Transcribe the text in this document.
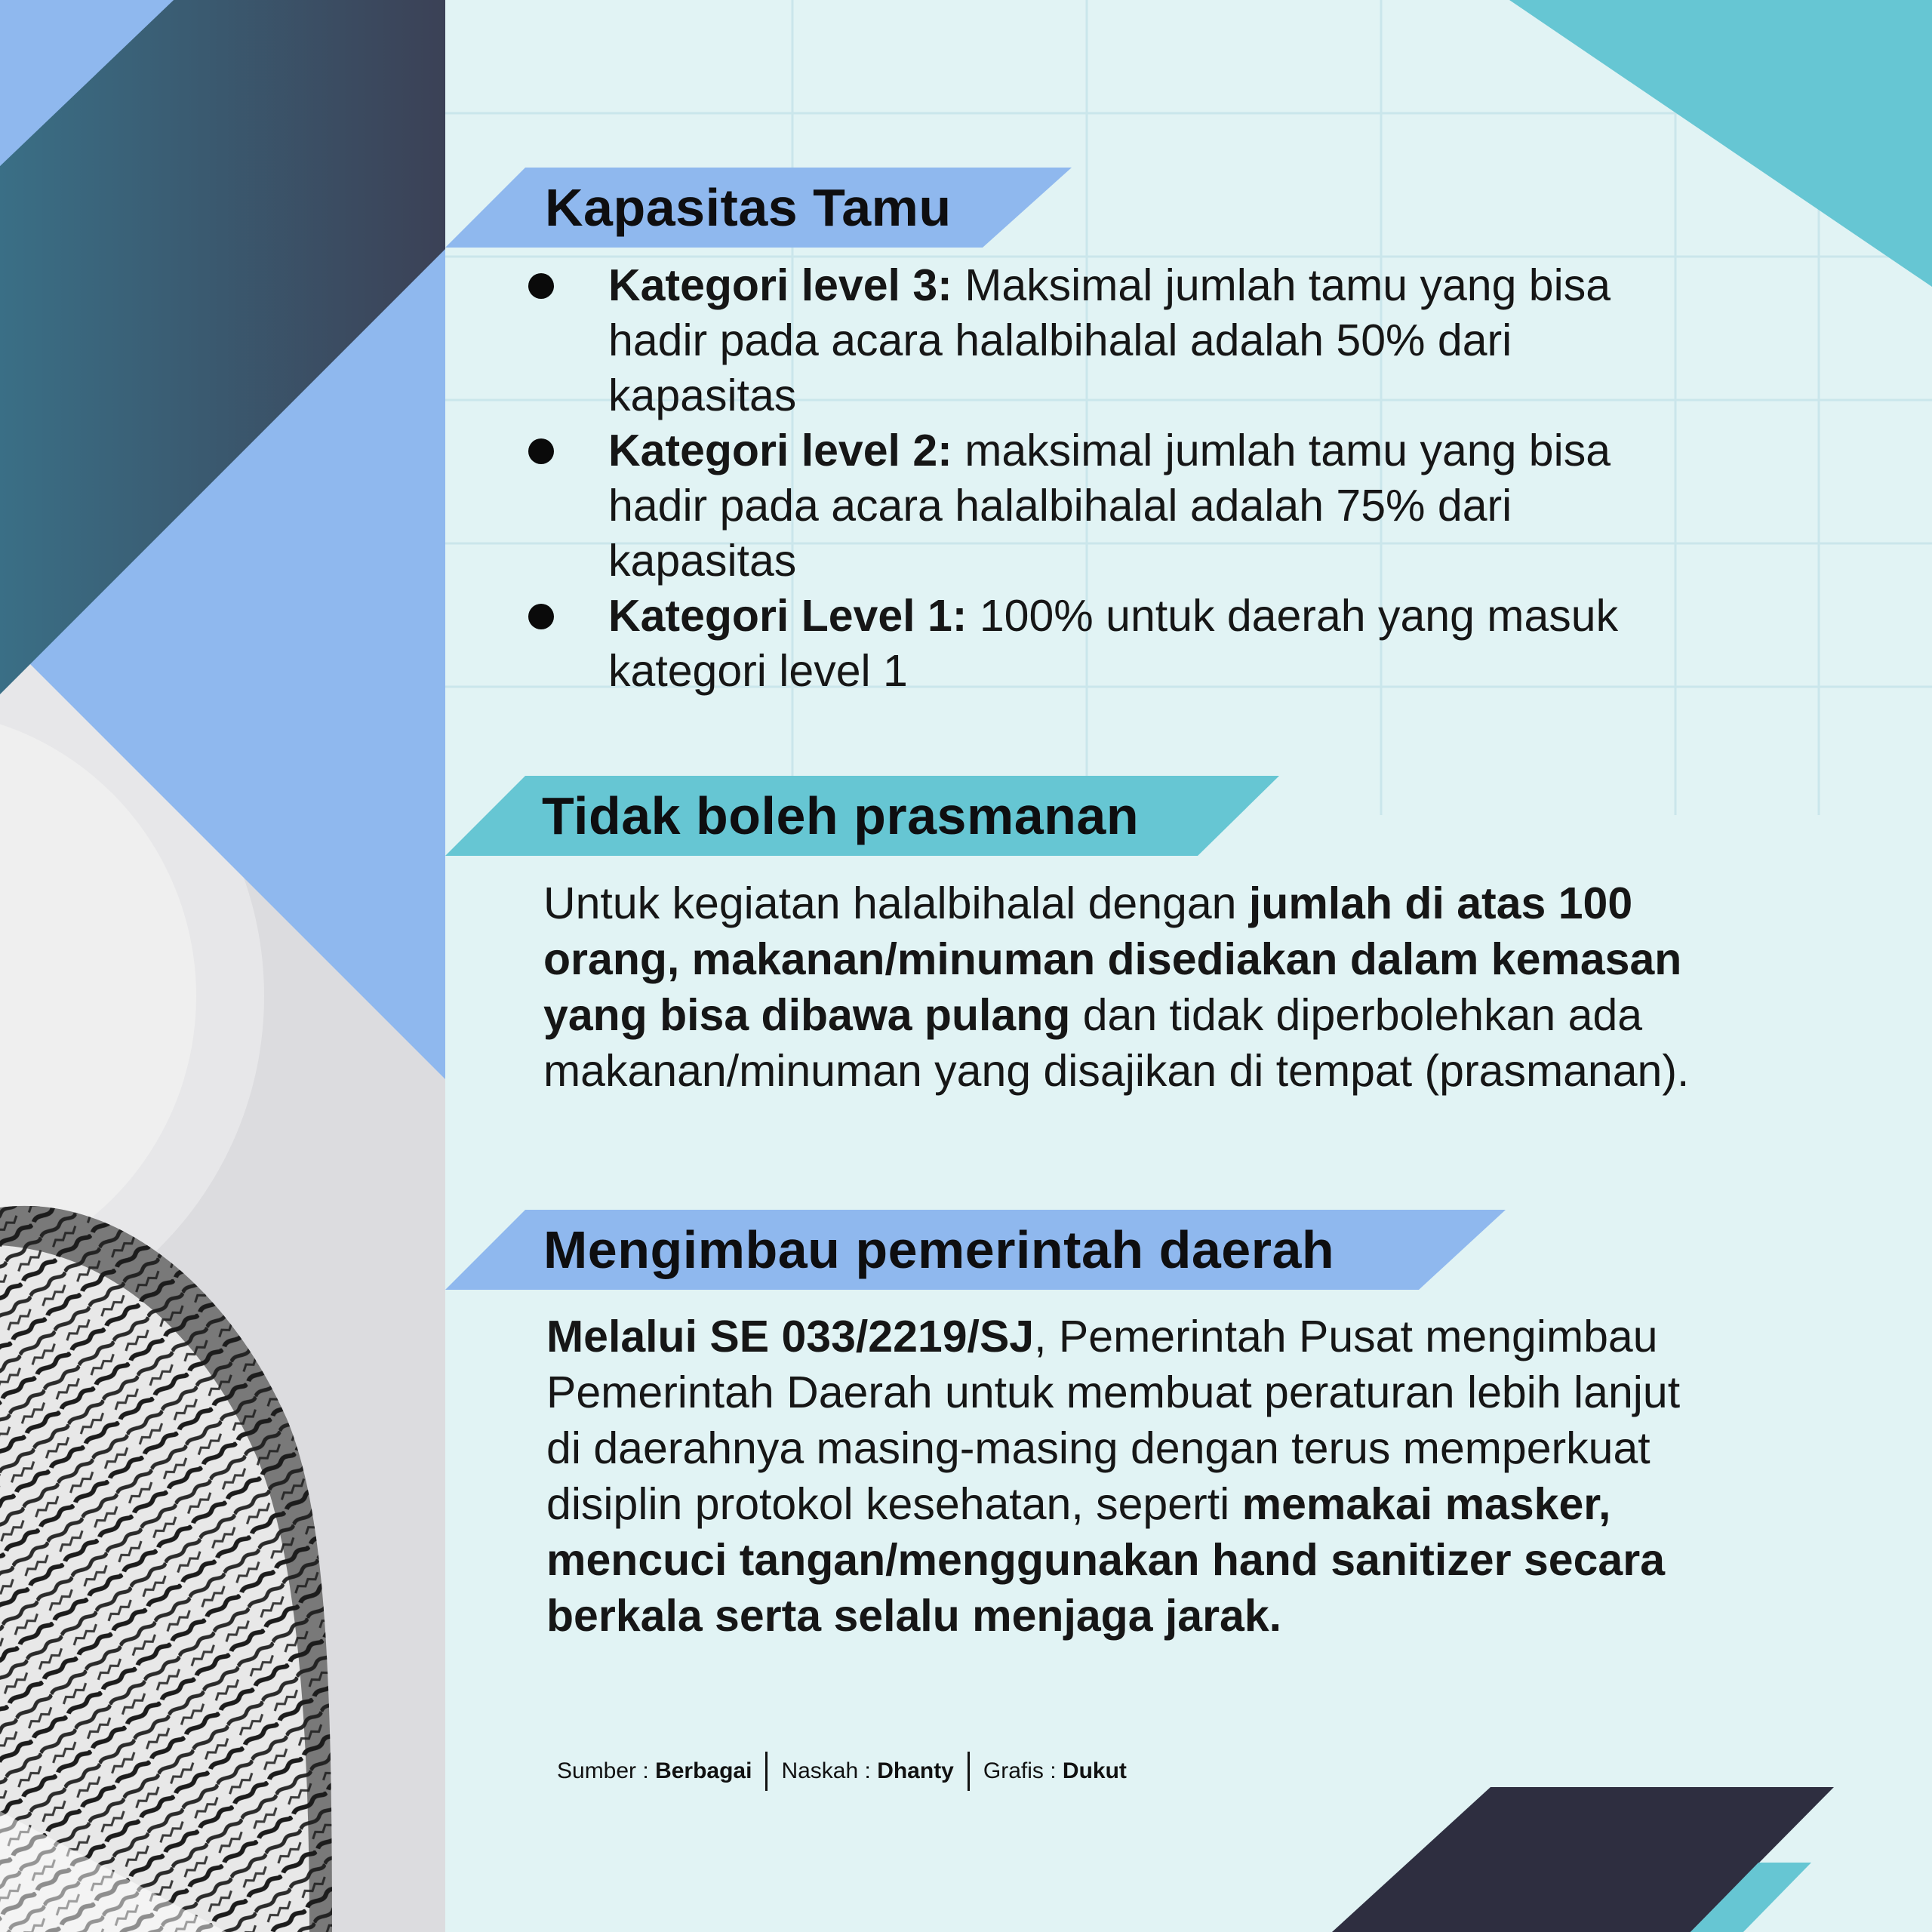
Kapasitas Tamu
Kategori level 3: Maksimal jumlah tamu yang bisa hadir pada acara halalbihalal adalah 50% dari kapasitas
Kategori level 2: maksimal jumlah tamu yang bisa hadir pada acara halalbihalal adalah 75% dari kapasitas
Kategori Level 1: 100% untuk daerah yang masuk kategori level 1
Tidak boleh prasmanan
Untuk kegiatan halalbihalal dengan jumlah di atas 100 orang, makanan/minuman disediakan dalam kemasan yang bisa dibawa pulang dan tidak diperbolehkan ada makanan/minuman yang disajikan di tempat (prasmanan).
Mengimbau pemerintah daerah
Melalui SE 033/2219/SJ, Pemerintah Pusat mengimbau Pemerintah Daerah untuk membuat peraturan lebih lanjut di daerahnya masing-masing dengan terus memperkuat disiplin protokol kesehatan, seperti memakai masker, mencuci tangan/menggunakan hand sanitizer secara berkala serta selalu menjaga jarak.
Sumber :
Berbagai Naskah :
Dhanty Grafis :
Dukut
